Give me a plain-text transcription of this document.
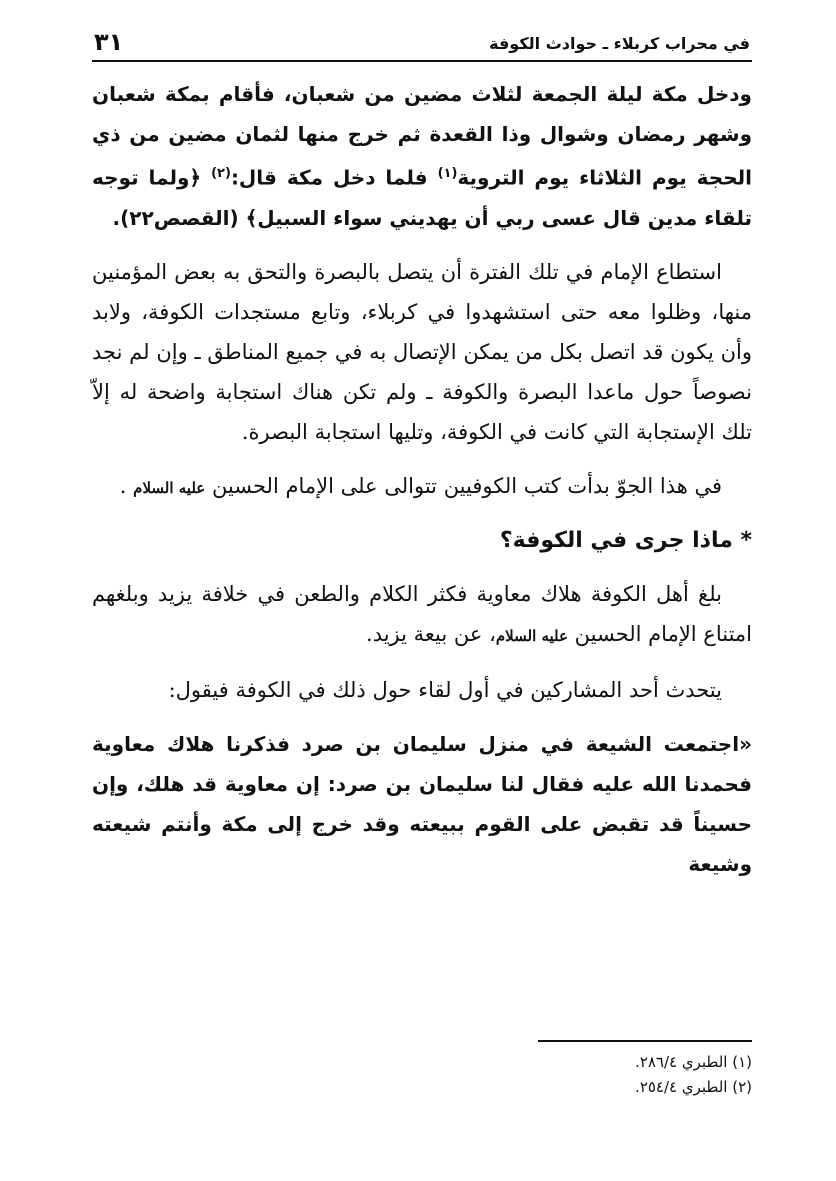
في محراب كربلاء ـ حوادث الكوفة
٣١

ودخل مكة ليلة الجمعة لثلاث مضين من شعبان، فأقام بمكة شعبان وشهر رمضان وشوال وذا القعدة ثم خرج منها لثمان مضين من ذي الحجة يوم الثلاثاء يوم التروية$^{(١)}$ فلما دخل مكة قال:$^{(٢)}$ ﴿ولما توجه تلقاء مدين قال عسى ربي أن يهديني سواء السبيل﴾ (القصص٢٢).

استطاع الإمام في تلك الفترة أن يتصل بالبصرة والتحق به بعض المؤمنين منها، وظلوا معه حتى استشهدوا في كربلاء، وتابع مستجدات الكوفة، ولابد وأن يكون قد اتصل بكل من يمكن الإتصال به في جميع المناطق ـ وإن لم نجد نصوصاً حول ماعدا البصرة والكوفة ـ ولم تكن هناك استجابة واضحة له إلاّ تلك الإستجابة التي كانت في الكوفة، وتليها استجابة البصرة.

في هذا الجوّ بدأت كتب الكوفيين تتوالى على الإمام الحسين عليه السلام .

* ماذا جرى في الكوفة؟

بلغ أهل الكوفة هلاك معاوية فكثر الكلام والطعن في خلافة يزيد وبلغهم امتناع الإمام الحسين عليه السلام، عن بيعة يزيد.

يتحدث أحد المشاركين في أول لقاء حول ذلك في الكوفة فيقول:

«اجتمعت الشيعة في منزل سليمان بن صرد فذكرنا هلاك معاوية فحمدنا الله عليه فقال لنا سليمان بن صرد: إن معاوية قد هلك، وإن حسيناً قد تقبض على القوم ببيعته وقد خرج إلى مكة وأنتم شيعته وشيعة

(١) الطبري ٢٨٦/٤.
(٢) الطبري ٢٥٤/٤.
